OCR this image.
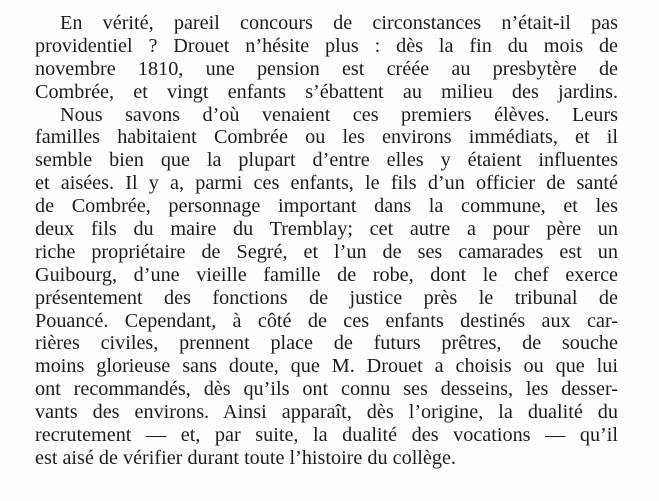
En vérité, pareil concours de circonstances n’était-il pas
providentiel ? Drouet n’hésite plus : dès la fin du mois de
novembre 1810, une pension est créée au presbytère de
Combrée, et vingt enfants s’ébattent au milieu des jardins.
Nous savons d’où venaient ces premiers élèves. Leurs
familles habitaient Combrée ou les environs immédiats, et il
semble bien que la plupart d’entre elles y étaient influentes
et aisées. Il y a, parmi ces enfants, le fils d’un officier de santé
de Combrée, personnage important dans la commune, et les
deux fils du maire du Tremblay; cet autre a pour père un
riche propriétaire de Segré, et l’un de ses camarades est un
Guibourg, d’une vieille famille de robe, dont le chef exerce
présentement des fonctions de justice près le tribunal de
Pouancé. Cependant, à côté de ces enfants destinés aux car-
rières civiles, prennent place de futurs prêtres, de souche
moins glorieuse sans doute, que M. Drouet a choisis ou que lui
ont recommandés, dès qu’ils ont connu ses desseins, les desser-
vants des environs. Ainsi apparaît, dès l’origine, la dualité du
recrutement — et, par suite, la dualité des vocations — qu’il
est aisé de vérifier durant toute l’histoire du collège.
